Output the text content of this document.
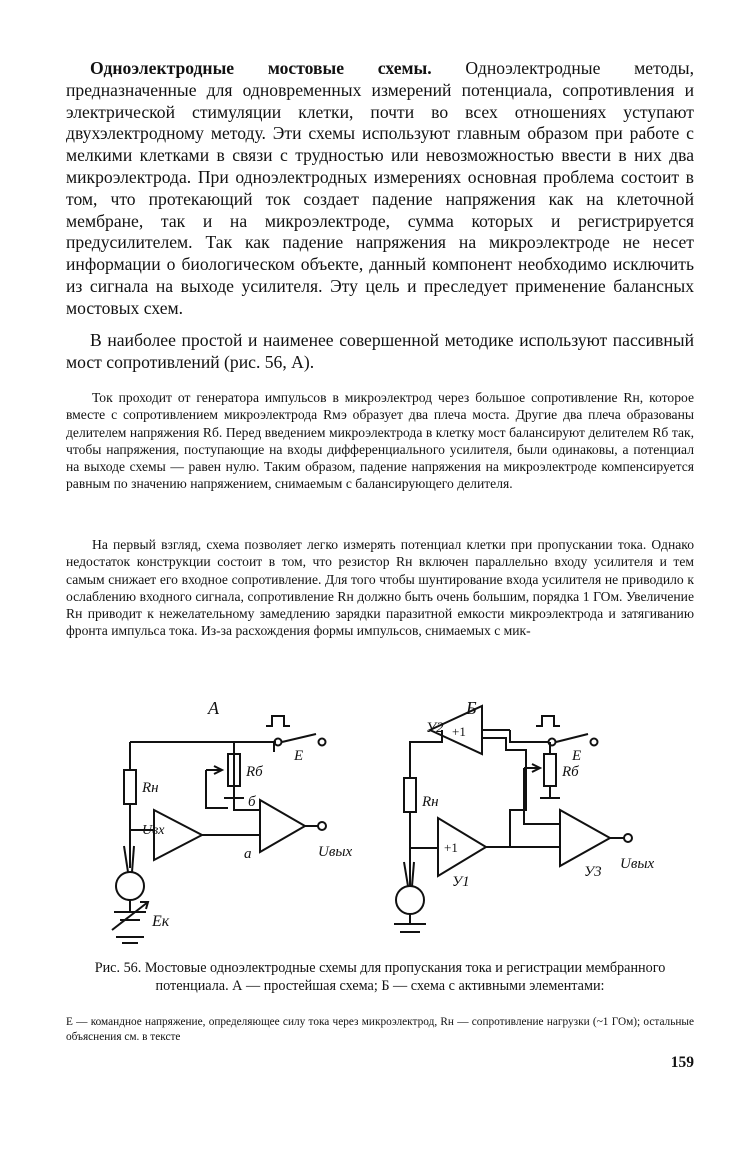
Одноэлектродные мостовые схемы. Одноэлектродные методы, предназначенные для одновременных измерений потенциала, сопротивления и электрической стимуляции клетки, почти во всех отношениях уступают двухэлектродному методу. Эти схемы используют главным образом при работе с мелкими клетками в связи с трудностью или невозможностью ввести в них два микроэлектрода. При одноэлектродных измерениях основная проблема состоит в том, что протекающий ток создает падение напряжения как на клеточной мембране, так и на микроэлектроде, сумма которых и регистрируется предусилителем. Так как падение напряжения на микроэлектроде не несет информации о биологическом объекте, данный компонент необходимо исключить из сигнала на выходе усилителя. Эту цель и преследует применение балансных мостовых схем.

В наиболее простой и наименее совершенной методике используют пассивный мост сопротивлений (рис. 56, А).

Ток проходит от генератора импульсов в микроэлектрод через большое сопротивление Rн, которое вместе с сопротивлением микроэлектрода Rмэ образует два плеча моста. Другие два плеча образованы делителем напряжения Rб. Перед введением микроэлектрода в клетку мост балансируют делителем Rб так, чтобы напряжения, поступающие на входы дифференциального усилителя, были одинаковы, а потенциал на выходе схемы — равен нулю. Таким образом, падение напряжения на микроэлектроде компенсируется равным по значению напряжением, снимаемым с балансирующего делителя.

На первый взгляд, схема позволяет легко измерять потенциал клетки при пропускании тока. Однако недостаток конструкции состоит в том, что резистор Rн включен параллельно входу усилителя и тем самым снижает его входное сопротивление. Для того чтобы шунтирование входа усилителя не приводило к ослаблению входного сигнала, сопротивление Rн должно быть очень большим, порядка 1 ГОм. Увеличение Rн приводит к нежелательному замедлению зарядки паразитной емкости микроэлектрода и затягиванию фронта импульса тока. Из-за расхождения формы импульсов, снимаемых с мик-

А
Rн
Rб
E
Uвх
Uвых
а
б
Eк
Б
У2 +1
+1
У1
У3
Rн
Rб
E
Uвых

Рис. 56. Мостовые одноэлектродные схемы для пропускания тока и регистрации мембранного потенциала. А — простейшая схема; Б — схема с активными элементами:

Е — командное напряжение, определяющее силу тока через микроэлектрод, Rн — сопротивление нагрузки (~1 ГОм); остальные объяснения см. в тексте

159
